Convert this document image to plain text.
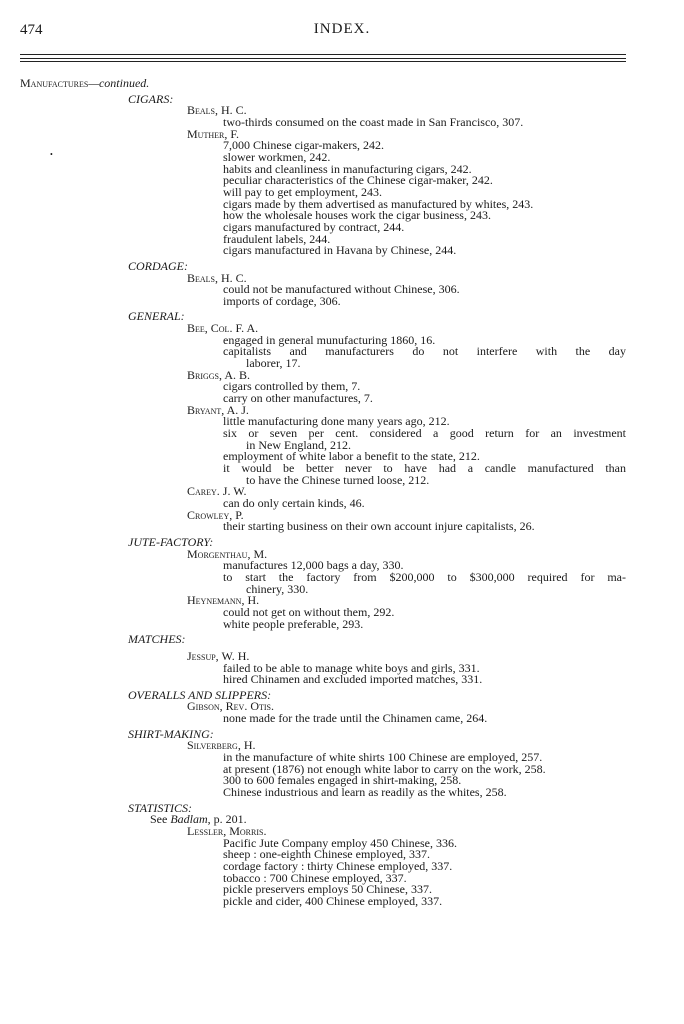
474	INDEX.
•
Manufactures—continued.
CIGARS:
Beals, H. C.
two-thirds consumed on the coast made in San Francisco, 307.
Muther, F.
7,000 Chinese cigar-makers, 242.
slower workmen, 242.
habits and cleanliness in manufacturing cigars, 242.
peculiar characteristics of the Chinese cigar-maker, 242.
will pay to get employment, 243.
cigars made by them advertised as manufactured by whites, 243.
how the wholesale houses work the cigar business, 243.
cigars manufactured by contract, 244.
fraudulent labels, 244.
cigars manufactured in Havana by Chinese, 244.
CORDAGE:
Beals, H. C.
could not be manufactured without Chinese, 306.
imports of cordage, 306.
GENERAL:
Bee, Col. F. A.
engaged in general munufacturing 1860, 16.
capitalists and manufacturers do not interfere with the day
laborer, 17.
Briggs, A. B.
cigars controlled by them, 7.
carry on other manufactures, 7.
Bryant, A. J.
little manufacturing done many years ago, 212.
six or seven per cent. considered a good return for an investment
in New England, 212.
employment of white labor a benefit to the state, 212.
it would be better never to have had a candle manufactured than
to have the Chinese turned loose, 212.
Carey. J. W.
can do only certain kinds, 46.
Crowley, P.
their starting business on their own account injure capitalists, 26.
JUTE-FACTORY:
Morgenthau, M.
manufactures 12,000 bags a day, 330.
to start the factory from $200,000 to $300,000 required for ma-
chinery, 330.
Heynemann, H.
could not get on without them, 292.
white people preferable, 293.
MATCHES:
Jessup, W. H.
failed to be able to manage white boys and girls, 331.
hired Chinamen and excluded imported matches, 331.
OVERALLS AND SLIPPERS:
Gibson, Rev. Otis.
none made for the trade until the Chinamen came, 264.
SHIRT-MAKING:
Silverberg, H.
in the manufacture of white shirts 100 Chinese are employed, 257.
at present (1876) not enough white labor to carry on the work, 258.
300 to 600 females engaged in shirt-making, 258.
Chinese industrious and learn as readily as the whites, 258.
STATISTICS:
See Badlam, p. 201.
Lessler, Morris.
Pacific Jute Company employ 450 Chinese, 336.
sheep : one-eighth Chinese employed, 337.
cordage factory : thirty Chinese employed, 337.
tobacco : 700 Chinese employed, 337.
pickle preservers employs 50 Chinese, 337.
pickle and cider, 400 Chinese employed, 337.
